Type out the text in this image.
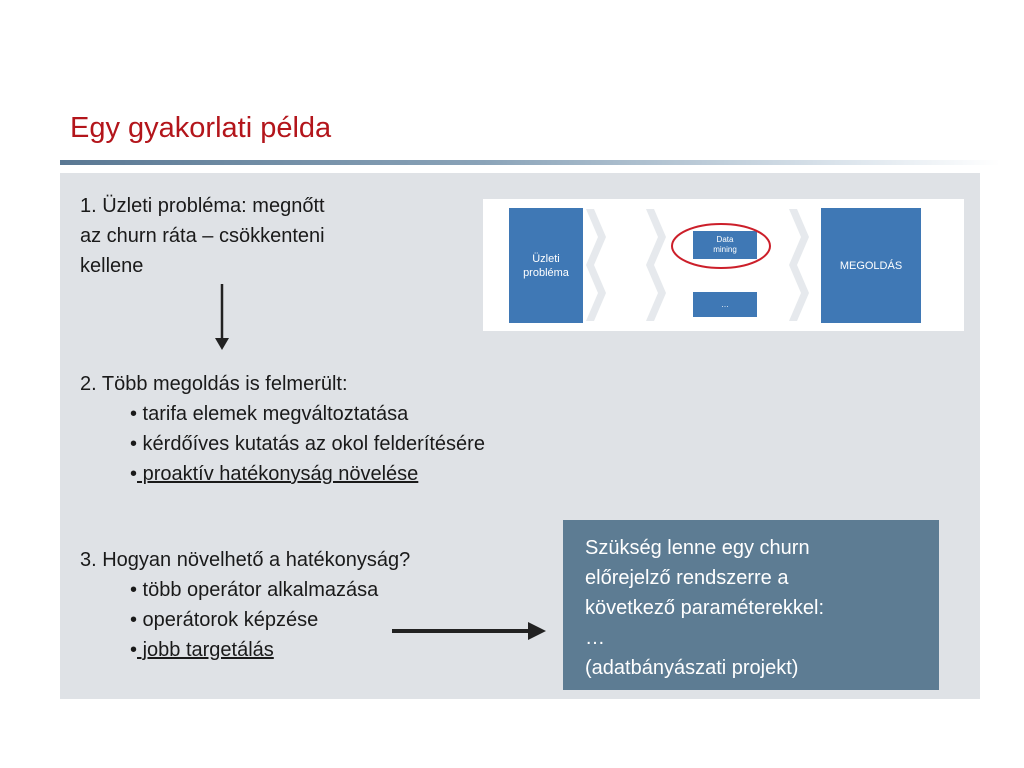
Egy gyakorlati példa
1. Üzleti probléma: megnőtt
az churn ráta – csökkenteni
kellene
2. Több megoldás is felmerült:
• tarifa elemek megváltoztatása
• kérdőíves kutatás az okol felderítésére
• proaktív hatékonyság növelése
3. Hogyan növelhető a hatékonyság?
• több operátor alkalmazása
• operátorok képzése
• jobb targetálás
Üzleti
probléma
Data
mining
…
MEGOLDÁS
Szükség lenne egy churn
előrejelző rendszerre a
következő paraméterekkel:
…
(adatbányászati projekt)
